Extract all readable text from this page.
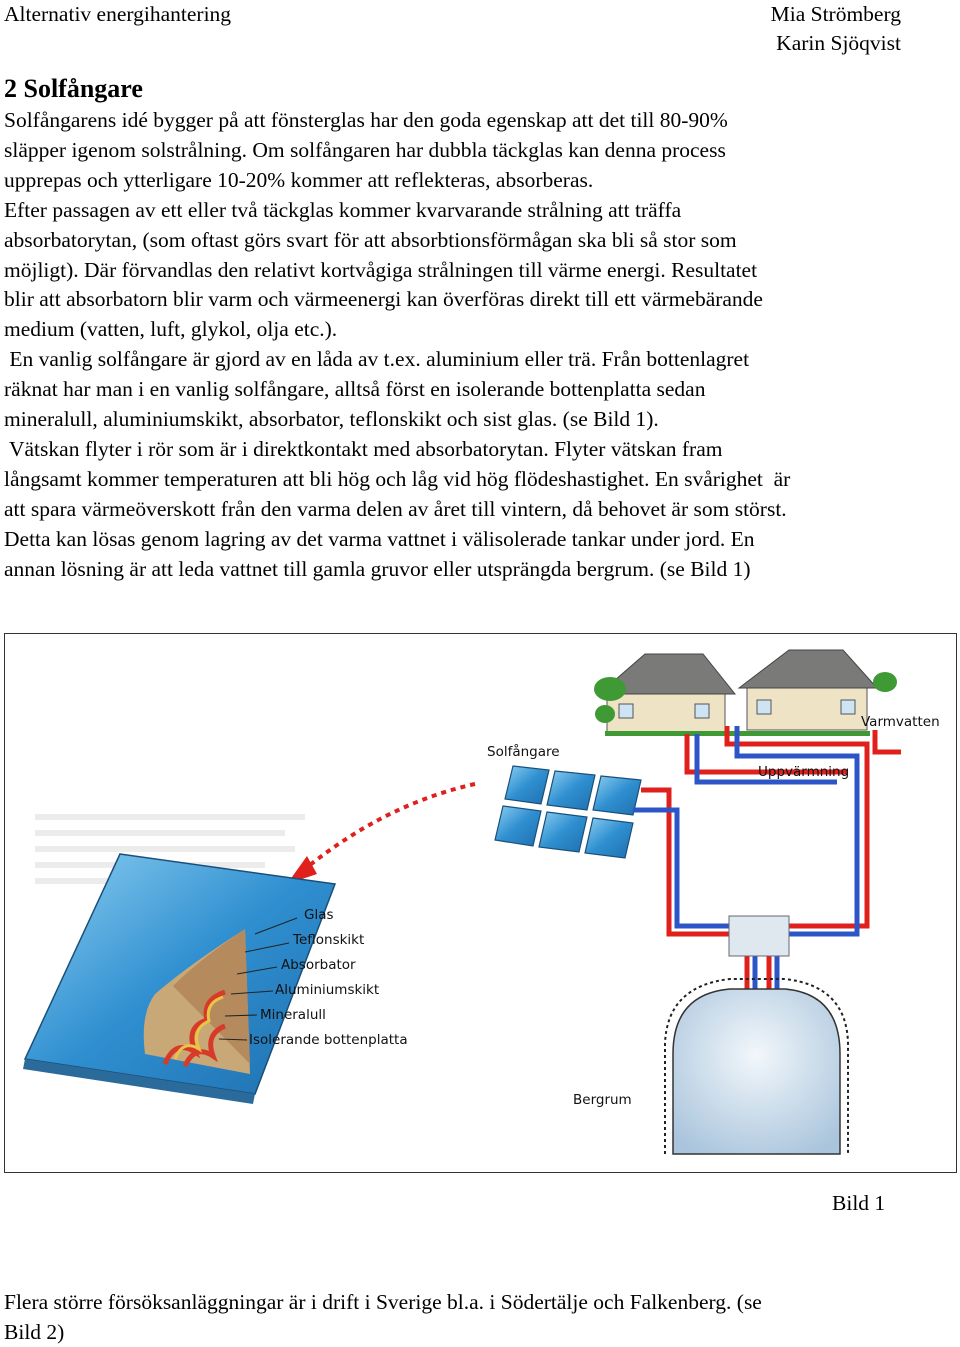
Alternativ energihantering	Mia Strömberg
Karin Sjöqvist
2 Solfångare
Solfångarens idé bygger på att fönsterglas har den goda egenskap att det till 80-90%
släpper igenom solstrålning. Om solfångaren har dubbla täckglas kan denna process
upprepas och ytterligare 10-20% kommer att reflekteras, absorberas.
Efter passagen av ett eller två täckglas kommer kvarvarande strålning att träffa
absorbatorytan, (som oftast görs svart för att absorbtionsförmågan ska bli så stor som
möjligt). Där förvandlas den relativt kortvågiga strålningen till värme energi. Resultatet
blir att absorbatorn blir varm och värmeenergi kan överföras direkt till ett värmebärande
medium (vatten, luft, glykol, olja etc.).
En vanlig solfångare är gjord av en låda av t.ex. aluminium eller trä. Från bottenlagret
räknat har man i en vanlig solfångare, alltså först en isolerande bottenplatta sedan
mineralull, aluminiumskikt, absorbator, teflonskikt och sist glas. (se Bild 1).
Vätskan flyter i rör som är i direktkontakt med absorbatorytan. Flyter vätskan fram
långsamt kommer temperaturen att bli hög och låg vid hög flödeshastighet. En svårighet  är
att spara värmeöverskott från den varma delen av året till vintern, då behovet är som störst.
Detta kan lösas genom lagring av det varma vattnet i välisolerade tankar under jord. En
annan lösning är att leda vattnet till gamla gruvor eller utsprängda bergrum. (se Bild 1)
Solfångare
Varmvatten
Uppvärmning
Glas
Teflonskikt
Absorbator
Aluminiumskikt
Mineralull
Isolerande bottenplatta
Bergrum
Bild 1
Flera större försöksanläggningar är i drift i Sverige bl.a. i Södertälje och Falkenberg. (se
Bild 2)
